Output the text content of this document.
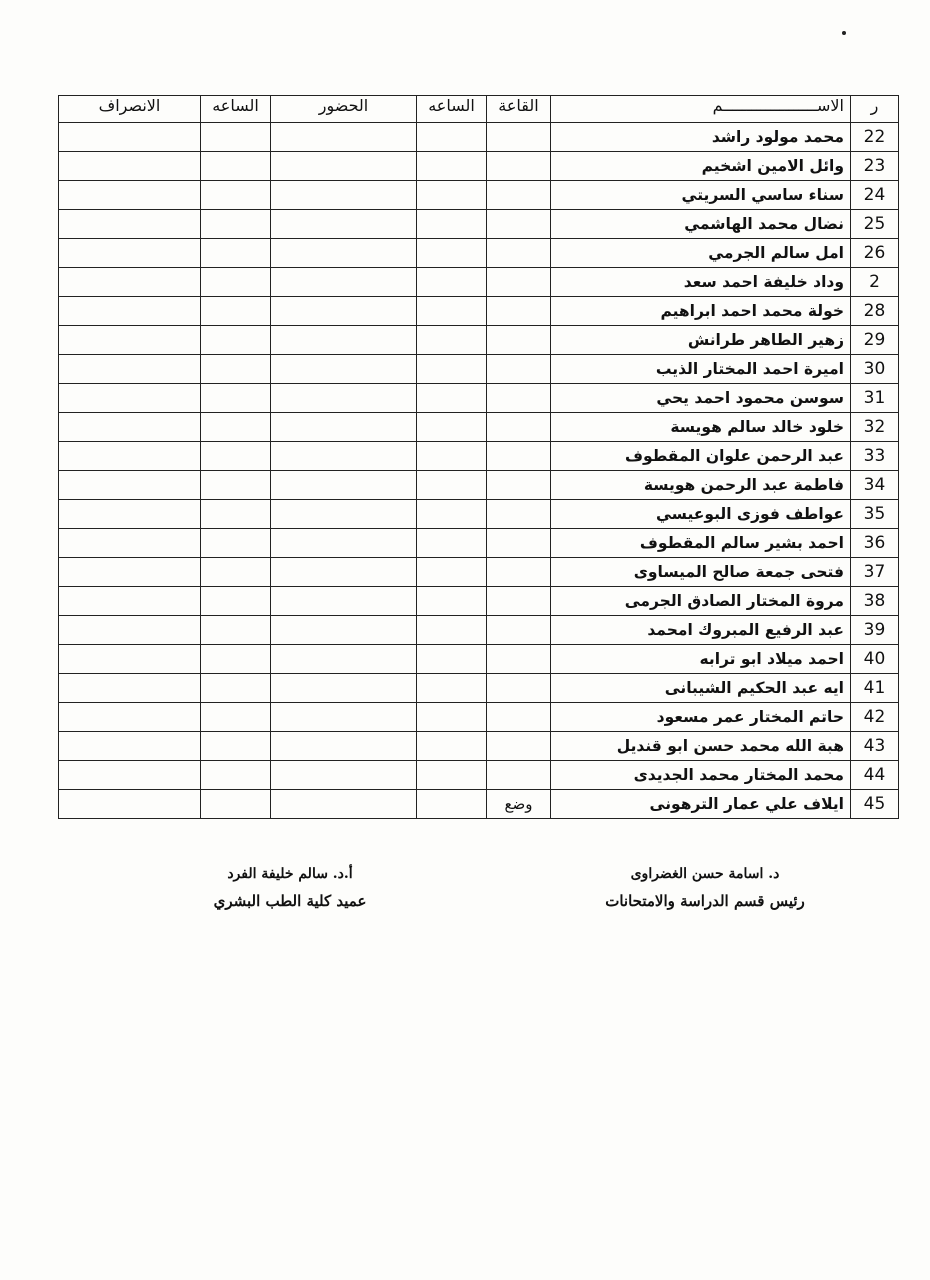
ر	الاســــــــــــــــــــم	القاعة	الساعه	الحضور	الساعه	الانصراف
22	محمد مولود راشد					
23	وائل الامين اشخيم					
24	سناء ساسي السريتي					
25	نضال محمد الهاشمي					
26	امل سالم الجرمي					
2	وداد خليفة احمد سعد					
28	خولة محمد احمد ابراهيم					
29	زهير الطاهر طرانش					
30	اميرة احمد المختار الذيب					
31	سوسن محمود احمد يحي					
32	خلود خالد سالم هويسة					
33	عبد الرحمن علوان المقطوف					
34	فاطمة عبد الرحمن هويسة					
35	عواطف فوزى البوعيسي					
36	احمد بشير سالم المقطوف					
37	فتحى جمعة صالح الميساوى					
38	مروة المختار الصادق الجرمى					
39	عبد الرفيع المبروك امحمد					
40	احمد ميلاد ابو ترابه					
41	ايه عبد الحكيم الشيبانى					
42	حاتم المختار عمر مسعود					
43	هبة الله محمد حسن ابو قنديل					
44	محمد المختار محمد الجديدى					
45	ايلاف علي عمار الترهونى	وضع				
د. اسامة حسن الغضراوى
رئيس قسم الدراسة والامتحانات
أ.د. سالم خليفة الفرد
عميد كلية الطب البشري
